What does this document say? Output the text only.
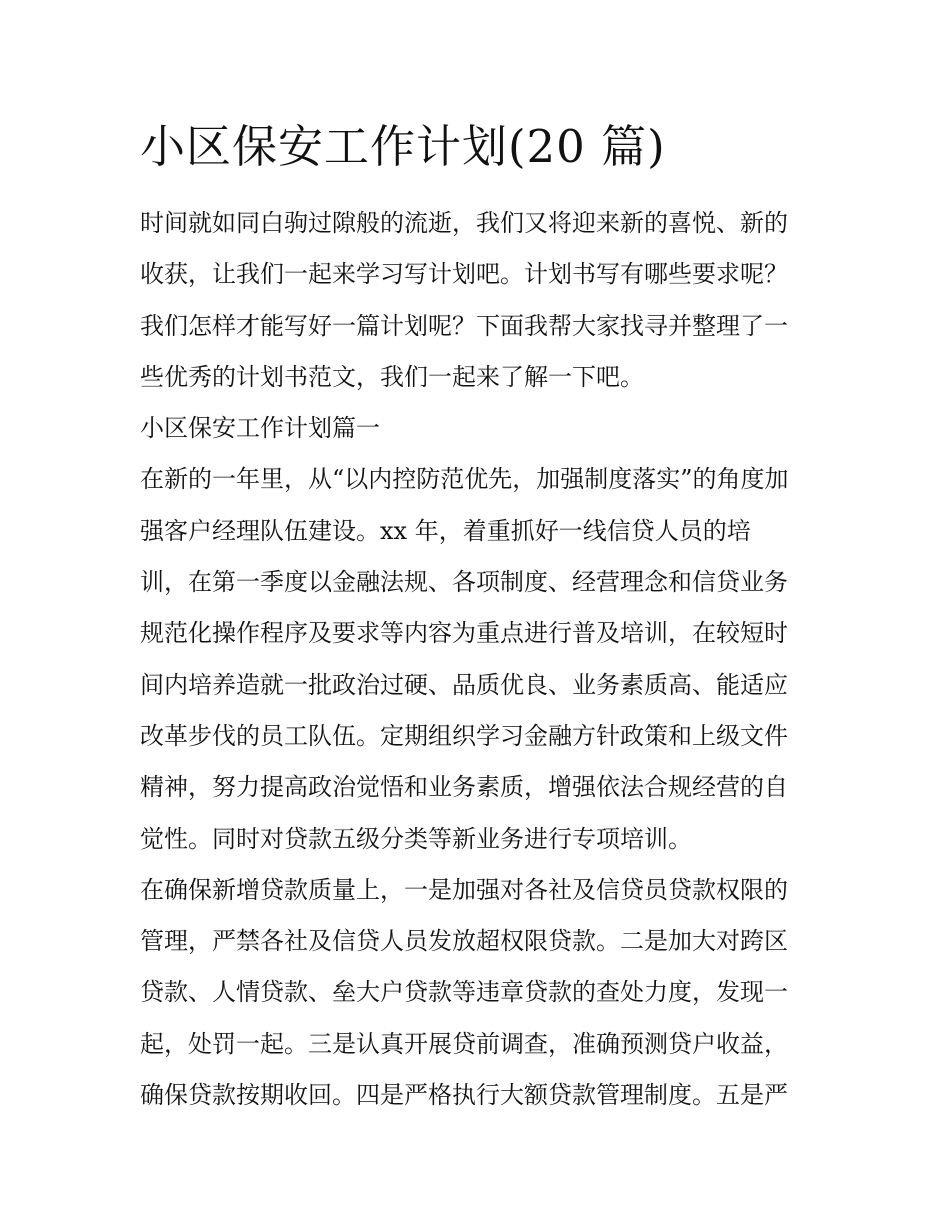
小区保安工作计划(20 篇)
时间就如同白驹过隙般的流逝，我们又将迎来新的喜悦、新的
收获，让我们一起来学习写计划吧。计划书写有哪些要求呢？
我们怎样才能写好一篇计划呢？下面我帮大家找寻并整理了一
些优秀的计划书范文，我们一起来了解一下吧。
小区保安工作计划篇一
在新的一年里，从“以内控防范优先，加强制度落实”的角度加
强客户经理队伍建设。xx 年，着重抓好一线信贷人员的培
训，在第一季度以金融法规、各项制度、经营理念和信贷业务
规范化操作程序及要求等内容为重点进行普及培训，在较短时
间内培养造就一批政治过硬、品质优良、业务素质高、能适应
改革步伐的员工队伍。定期组织学习金融方针政策和上级文件
精神，努力提高政治觉悟和业务素质，增强依法合规经营的自
觉性。同时对贷款五级分类等新业务进行专项培训。
在确保新增贷款质量上，一是加强对各社及信贷员贷款权限的
管理，严禁各社及信贷人员发放超权限贷款。二是加大对跨区
贷款、人情贷款、垒大户贷款等违章贷款的查处力度，发现一
起，处罚一起。三是认真开展贷前调查，准确预测贷户收益，
确保贷款按期收回。四是严格执行大额贷款管理制度。五是严
